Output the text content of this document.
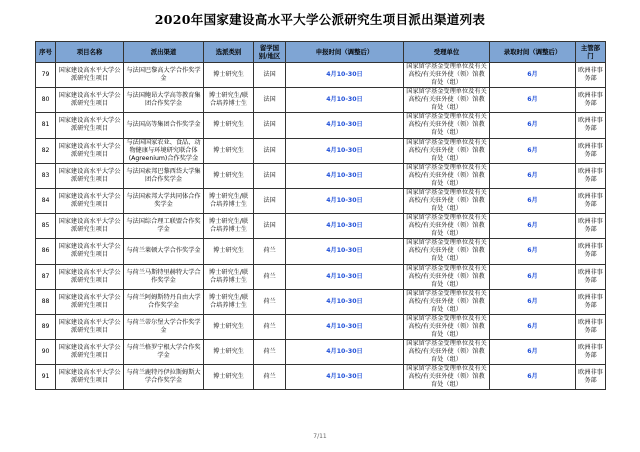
2020年国家建设高水平大学公派研究生项目派出渠道列表
序号	项目名称	派出渠道	选派类别	留学国别/地区	申报时间（调整后）	受理单位	录取时间（调整后）	主管部门
79	国家建设高水平大学公派研究生项目	与法国巴黎高大学合作奖学金	博士研究生	法国	4月10-30日	国家留学基金受理单位及有关高校/有关驻外使（领）馆教育处（组）	6月	欧洲非事务部
80	国家建设高水平大学公派研究生项目	与法国鲍昂大学高等教育集团合作奖学金	博士研究生/联合培养博士生	法国	4月10-30日	国家留学基金受理单位及有关高校/有关驻外使（领）馆教育处（组）	6月	欧洲非事务部
81	国家建设高水平大学公派研究生项目	与法国高等集团合作奖学金	博士研究生	法国	4月10-30日	国家留学基金受理单位及有关高校/有关驻外使（领）馆教育处（组）	6月	欧洲非事务部
82	国家建设高水平大学公派研究生项目	与法国国家农业、食品、动物健康与环境研究联合体(Agreenium)合作奖学金	博士研究生	法国	4月10-30日	国家留学基金受理单位及有关高校/有关驻外使（领）馆教育处（组）	6月	欧洲非事务部
83	国家建设高水平大学公派研究生项目	与法国索邦巴黎西岱大学集团合作奖学金	博士研究生	法国	4月10-30日	国家留学基金受理单位及有关高校/有关驻外使（领）馆教育处（组）	6月	欧洲非事务部
84	国家建设高水平大学公派研究生项目	与法国索邦大学共同体合作奖学金	博士研究生/联合培养博士生	法国	4月10-30日	国家留学基金受理单位及有关高校/有关驻外使（领）馆教育处（组）	6月	欧洲非事务部
85	国家建设高水平大学公派研究生项目	与法国综合理工联盟合作奖学金	博士研究生/联合培养博士生	法国	4月10-30日	国家留学基金受理单位及有关高校/有关驻外使（领）馆教育处（组）	6月	欧洲非事务部
86	国家建设高水平大学公派研究生项目	与荷兰莱顿大学合作奖学金	博士研究生	荷兰	4月10-30日	国家留学基金受理单位及有关高校/有关驻外使（领）馆教育处（组）	6月	欧洲非事务部
87	国家建设高水平大学公派研究生项目	与荷兰马斯特里赫特大学合作奖学金	博士研究生/联合培养博士生	荷兰	4月10-30日	国家留学基金受理单位及有关高校/有关驻外使（领）馆教育处（组）	6月	欧洲非事务部
88	国家建设高水平大学公派研究生项目	与荷兰阿姆斯特丹自由大学合作奖学金	博士研究生/联合培养博士生	荷兰	4月10-30日	国家留学基金受理单位及有关高校/有关驻外使（领）馆教育处（组）	6月	欧洲非事务部
89	国家建设高水平大学公派研究生项目	与荷兰蒂尔堡大学合作奖学金	博士研究生	荷兰	4月10-30日	国家留学基金受理单位及有关高校/有关驻外使（领）馆教育处（组）	6月	欧洲非事务部
90	国家建设高水平大学公派研究生项目	与荷兰格罗宁根大学合作奖学金	博士研究生	荷兰	4月10-30日	国家留学基金受理单位及有关高校/有关驻外使（领）馆教育处（组）	6月	欧洲非事务部
91	国家建设高水平大学公派研究生项目	与荷兰鹿特丹伊拉斯姆斯大学合作奖学金	博士研究生	荷兰	4月10-30日	国家留学基金受理单位及有关高校/有关驻外使（领）馆教育处（组）	6月	欧洲非事务部
7/11
